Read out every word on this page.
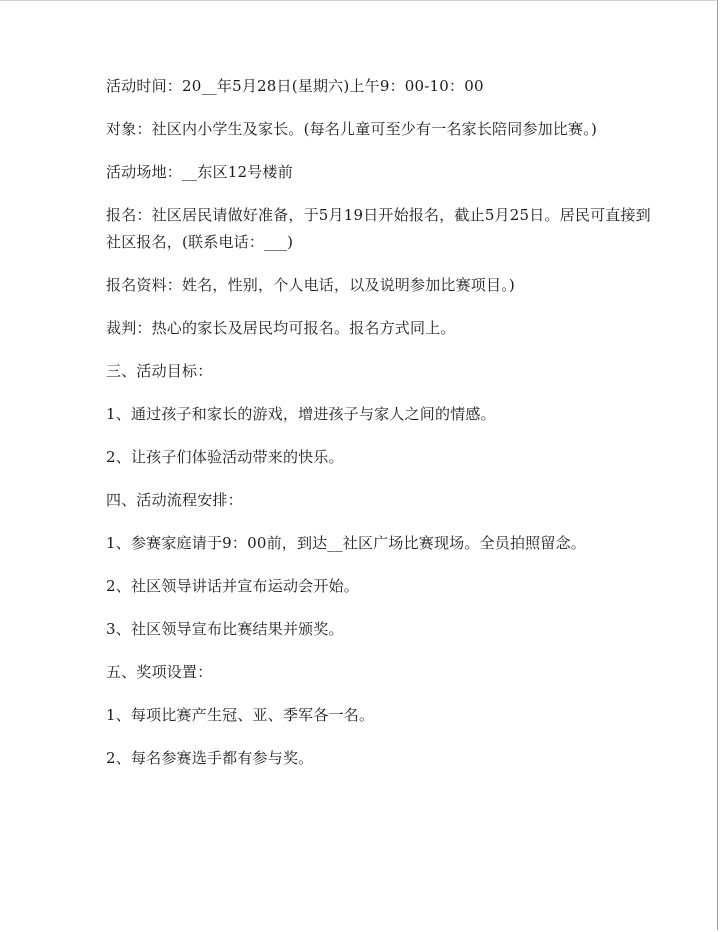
活动时间：20__年5月28日(星期六)上午9：00-10：00

对象：社区内小学生及家长。(每名儿童可至少有一名家长陪同参加比赛。)

活动场地：__东区12号楼前

报名：社区居民请做好准备，于5月19日开始报名，截止5月25日。居民可直接到社区报名，(联系电话：___)

报名资料：姓名，性别，个人电话，以及说明参加比赛项目。)

裁判：热心的家长及居民均可报名。报名方式同上。

三、活动目标：

1、通过孩子和家长的游戏，增进孩子与家人之间的情感。

2、让孩子们体验活动带来的快乐。

四、活动流程安排：

1、参赛家庭请于9：00前，到达__社区广场比赛现场。全员拍照留念。

2、社区领导讲话并宣布运动会开始。

3、社区领导宣布比赛结果并颁奖。

五、奖项设置：

1、每项比赛产生冠、亚、季军各一名。

2、每名参赛选手都有参与奖。
